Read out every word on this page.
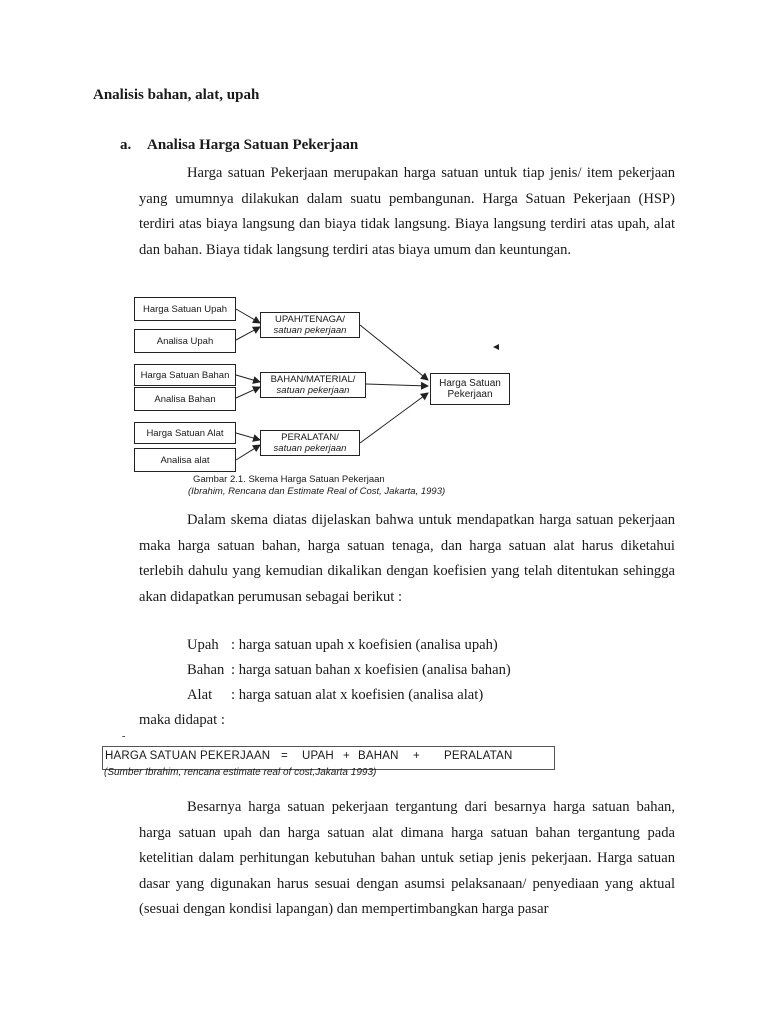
Analisis bahan, alat, upah
a. Analisa Harga Satuan Pekerjaan
Harga satuan Pekerjaan merupakan harga satuan untuk tiap jenis/ item pekerjaan yang umumnya dilakukan dalam suatu pembangunan. Harga Satuan Pekerjaan (HSP) terdiri atas biaya langsung dan biaya tidak langsung. Biaya langsung terdiri atas upah, alat dan bahan. Biaya tidak langsung terdiri atas biaya umum dan keuntungan.
Harga Satuan Upah
Analisa Upah
Harga Satuan Bahan
Analisa Bahan
Harga Satuan Alat
Analisa alat
UPAH/TENAGA/
satuan pekerjaan
BAHAN/MATERIAL/
satuan pekerjaan
PERALATAN/
satuan pekerjaan
Harga Satuan
Pekerjaan
Gambar 2.1. Skema Harga Satuan Pekerjaan
(Ibrahim, Rencana dan Estimate Real of Cost, Jakarta, 1993)
Dalam skema diatas dijelaskan bahwa untuk mendapatkan harga satuan pekerjaan maka harga satuan bahan, harga satuan tenaga, dan harga satuan alat harus diketahui terlebih dahulu yang kemudian dikalikan dengan koefisien yang telah ditentukan sehingga akan didapatkan perumusan sebagai berikut :
Upah : harga satuan upah x koefisien (analisa upah)
Bahan : harga satuan bahan x koefisien (analisa bahan)
Alat : harga satuan alat x koefisien (analisa alat)
maka didapat :
-
HARGA SATUAN PEKERJAAN = UPAH + BAHAN + PERALATAN
(Sumber Ibrahim, rencana estimate real of cost,Jakarta 1993)
Besarnya harga satuan pekerjaan tergantung dari besarnya harga satuan bahan, harga satuan upah dan harga satuan alat dimana harga satuan bahan tergantung pada ketelitian dalam perhitungan kebutuhan bahan untuk setiap jenis pekerjaan. Harga satuan dasar yang digunakan harus sesuai dengan asumsi pelaksanaan/ penyediaan yang aktual (sesuai dengan kondisi lapangan) dan mempertimbangkan harga pasar
